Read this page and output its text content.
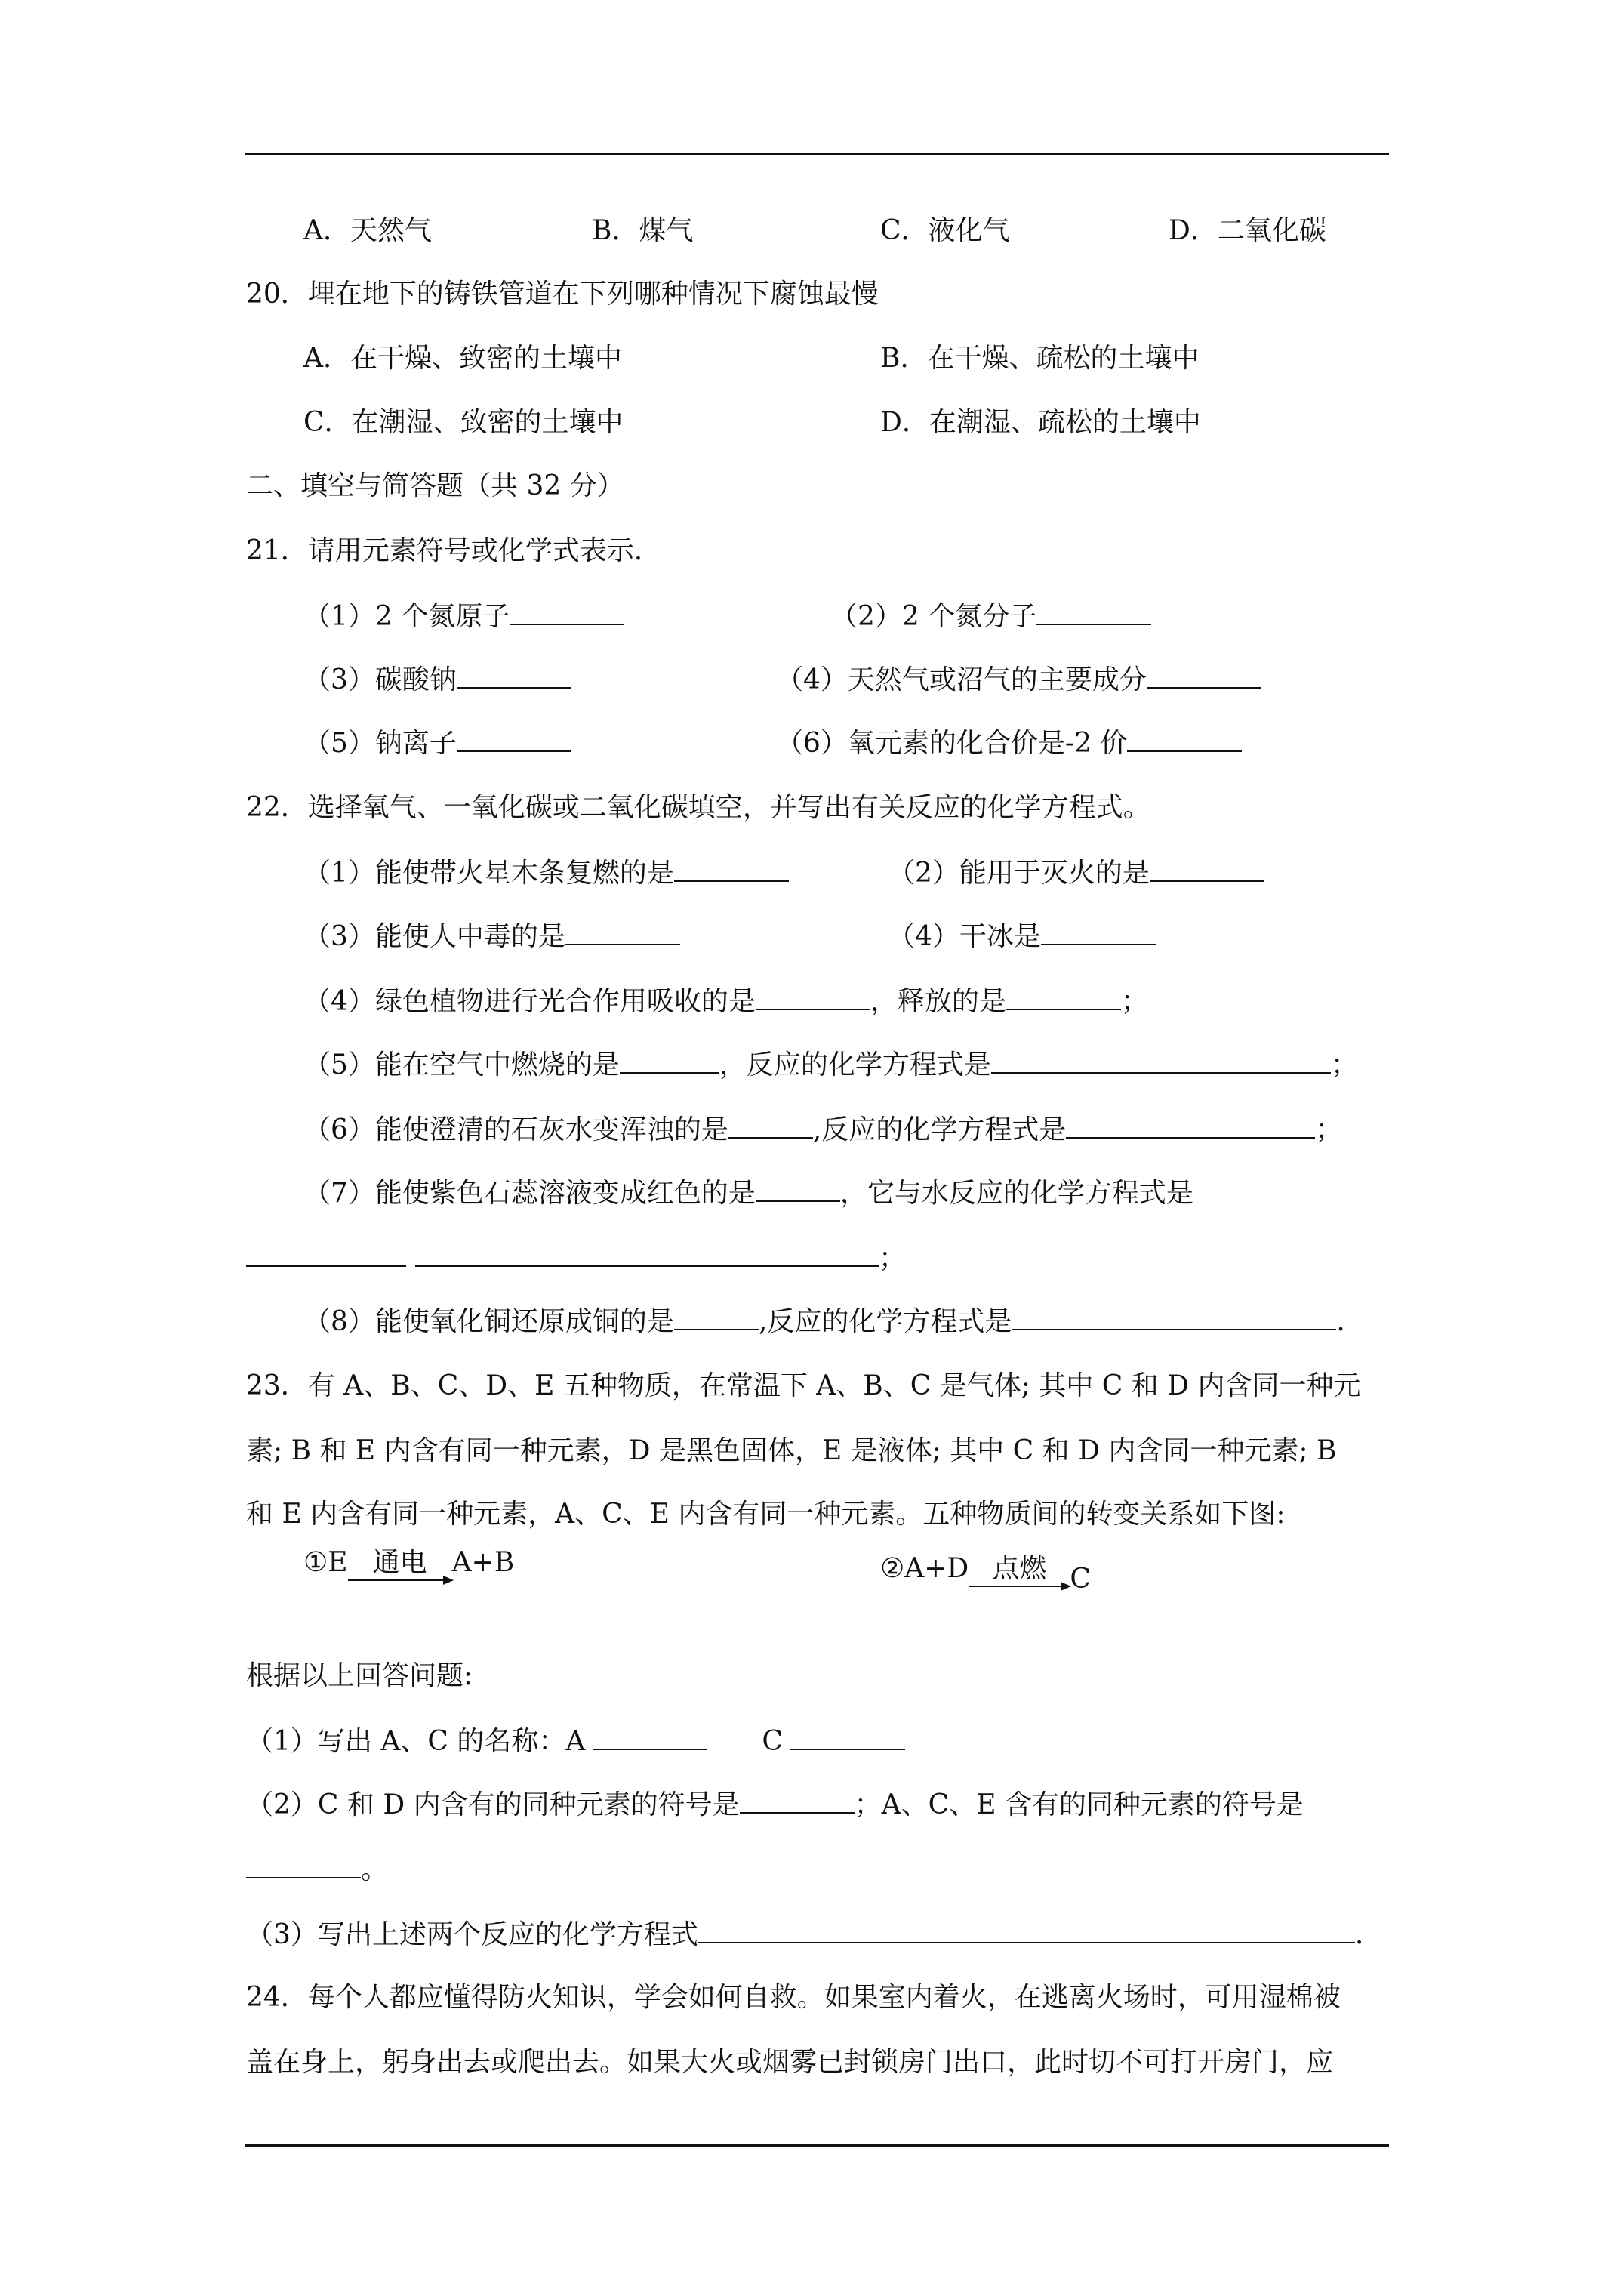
A．天然气	B．煤气	C．液化气	D．二氧化碳
20．埋在地下的铸铁管道在下列哪种情况下腐蚀最慢
A．在干燥、致密的土壤中	B．在干燥、疏松的土壤中
C．在潮湿、致密的土壤中	D．在潮湿、疏松的土壤中
二、填空与简答题（共 32 分）
21．请用元素符号或化学式表示.
（1）2 个氮原子	（2）2 个氮分子
（3）碳酸钠	（4）天然气或沼气的主要成分
（5）钠离子	（6）氧元素的化合价是-2 价
22．选择氧气、一氧化碳或二氧化碳填空，并写出有关反应的化学方程式。
（1）能使带火星木条复燃的是	（2）能用于灭火的是
（3）能使人中毒的是	（4）干冰是
（4）绿色植物进行光合作用吸收的是	，释放的是	；
（5）能在空气中燃烧的是	，反应的化学方程式是	；
（6）能使澄清的石灰水变浑浊的是	,反应的化学方程式是	；
（7）能使紫色石蕊溶液变成红色的是	，它与水反应的化学方程式是
；
（8）能使氧化铜还原成铜的是	,反应的化学方程式是	.
23．有 A、B、C、D、E 五种物质，在常温下 A、B、C 是气体; 其中 C 和 D 内含同一种元
素; B 和 E 内含有同一种元素，D 是黑色固体，E 是液体; 其中 C 和 D 内含同一种元素; B
和 E 内含有同一种元素，A、C、E 内含有同一种元素。五种物质间的转变关系如下图:
①E 通电 A+B	②A+D 点燃 C
根据以上回答问题:
（1）写出 A、C 的名称：A	C
（2）C 和 D 内含有的同种元素的符号是	；A、C、E 含有的同种元素的符号是
。
（3）写出上述两个反应的化学方程式	.
24．每个人都应懂得防火知识，学会如何自救。如果室内着火，在逃离火场时，可用湿棉被
盖在身上，躬身出去或爬出去。如果大火或烟雾已封锁房门出口，此时切不可打开房门，应
